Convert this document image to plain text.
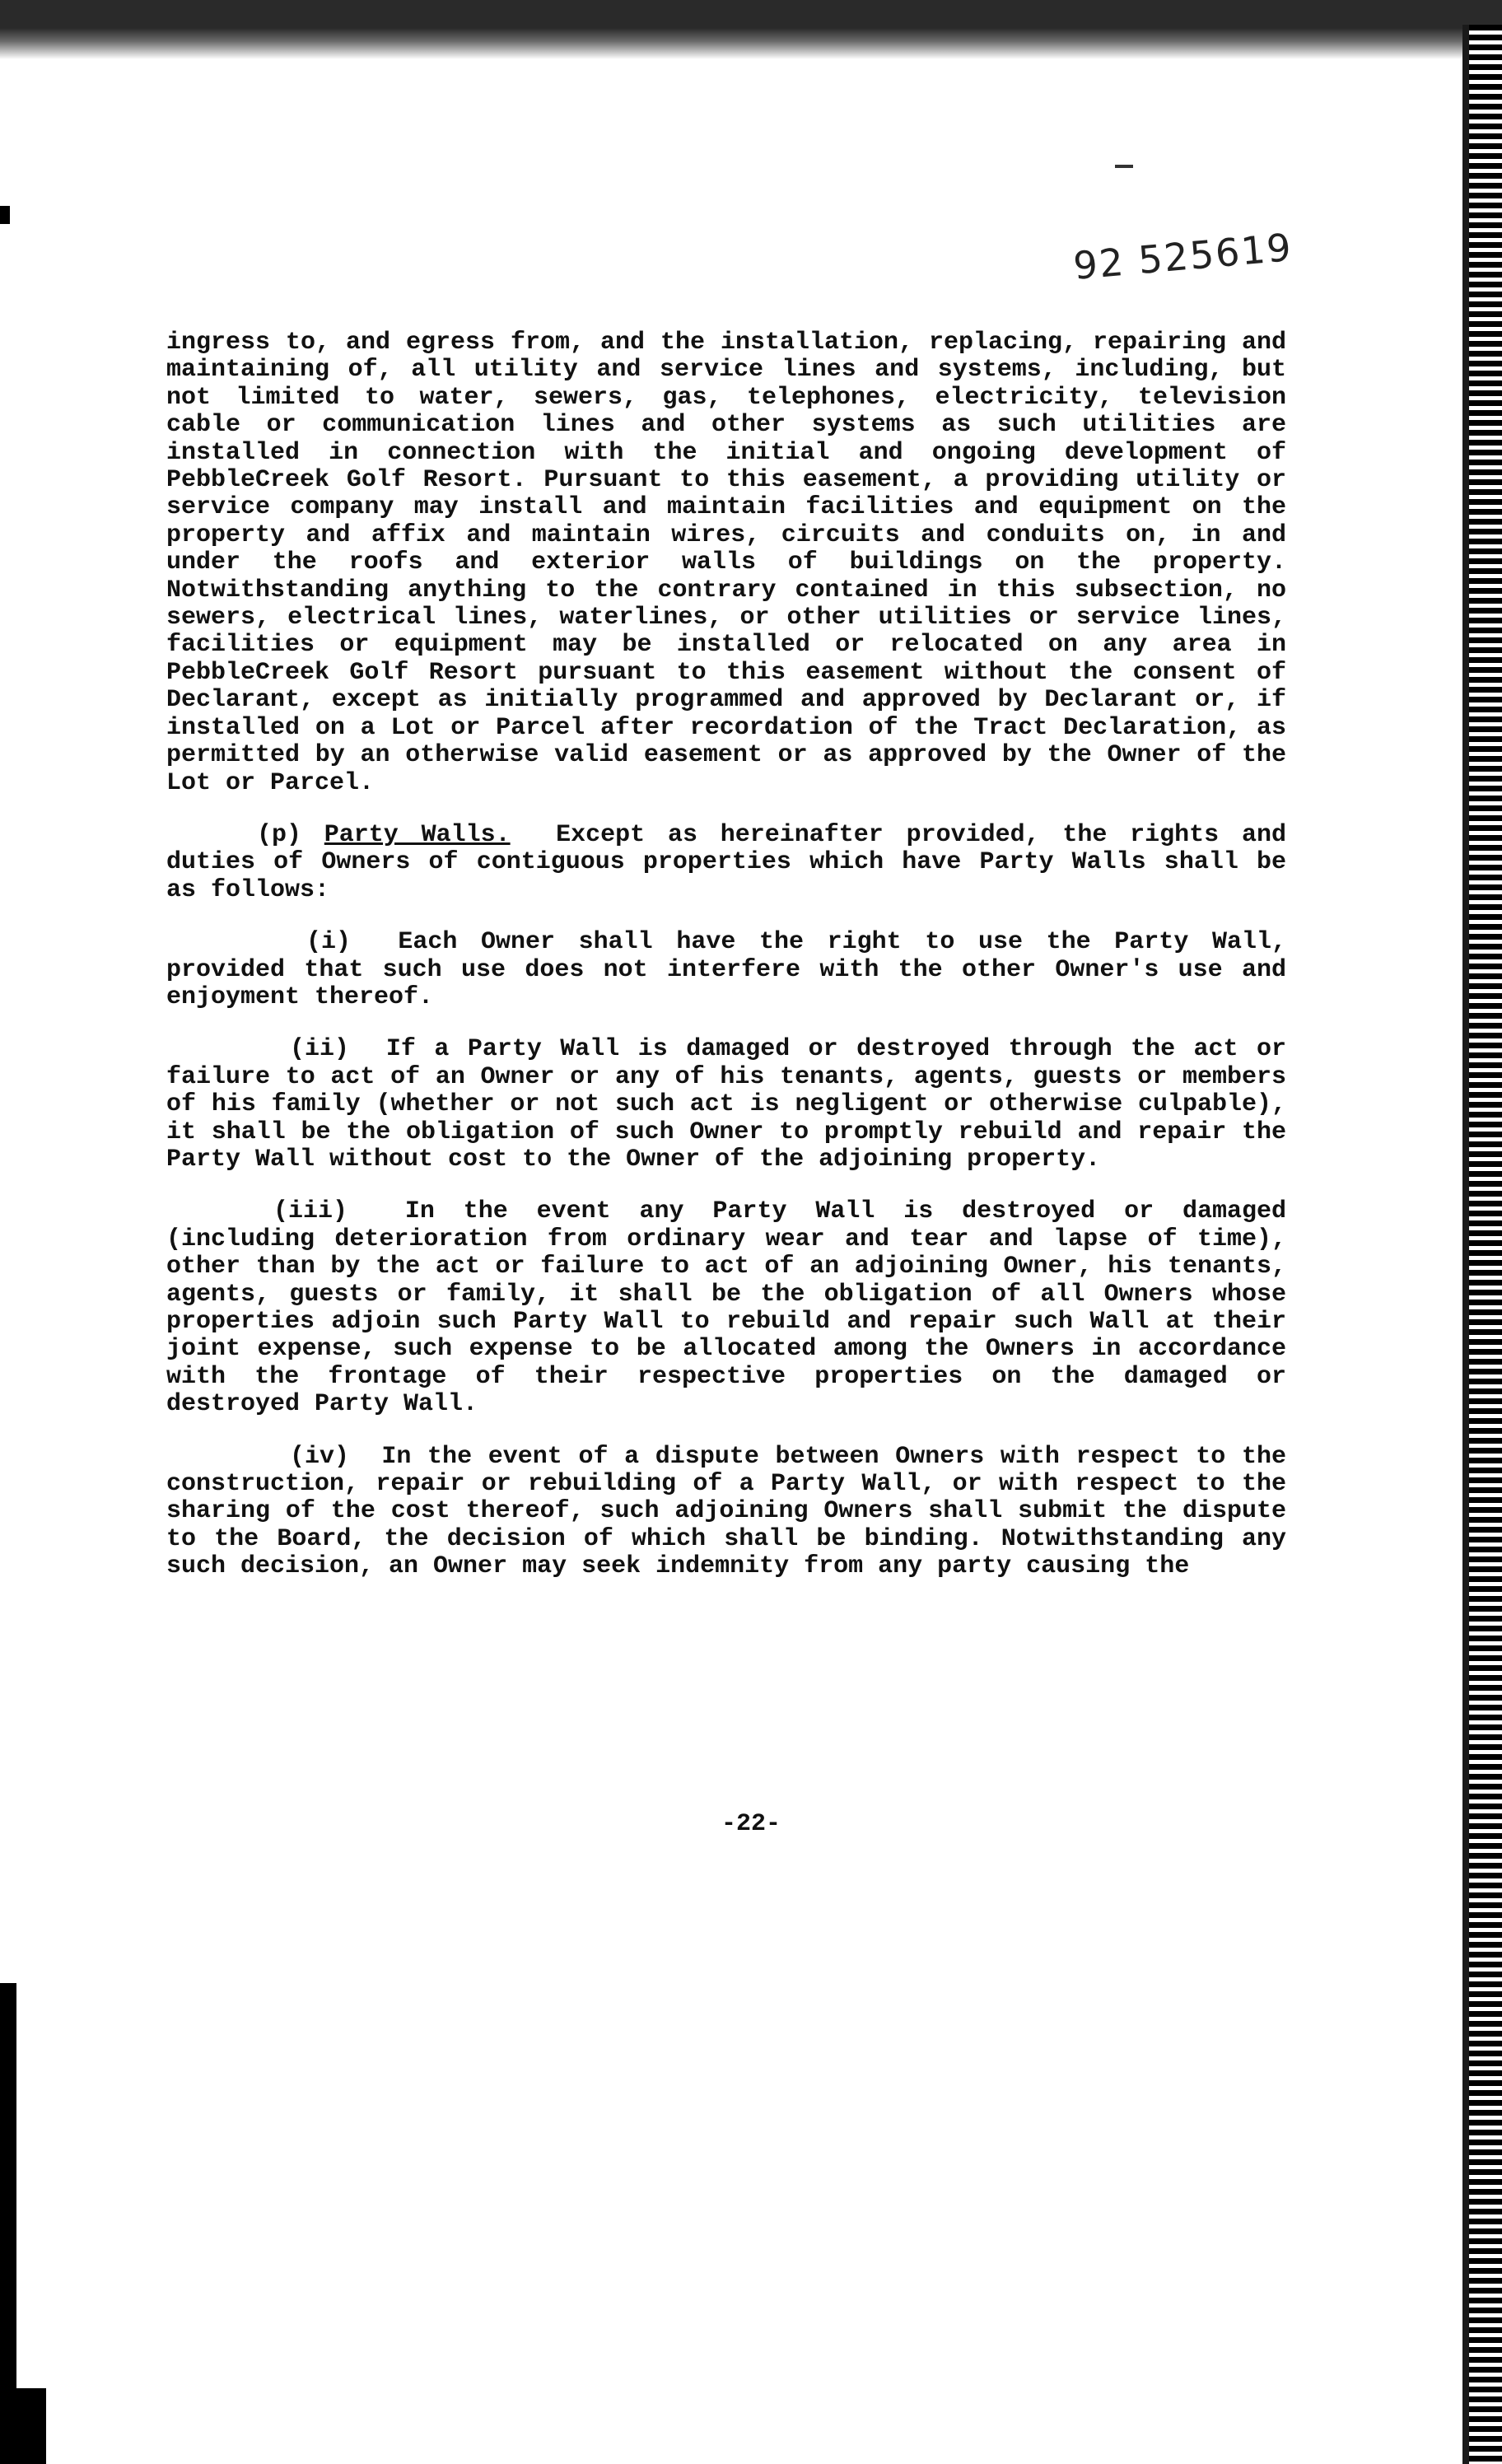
92 525619

ingress to, and egress from, and the installation, replacing, repairing and maintaining of, all utility and service lines and systems, including, but not limited to water, sewers, gas, telephones, electricity, television cable or communication lines and other systems as such utilities are installed in connection with the initial and ongoing development of PebbleCreek Golf Resort. Pursuant to this easement, a providing utility or service company may install and maintain facilities and equipment on the property and affix and maintain wires, circuits and conduits on, in and under the roofs and exterior walls of buildings on the property. Notwithstanding anything to the contrary contained in this subsection, no sewers, electrical lines, waterlines, or other utilities or service lines, facilities or equipment may be installed or relocated on any area in PebbleCreek Golf Resort pursuant to this easement without the consent of Declarant, except as initially programmed and approved by Declarant or, if installed on a Lot or Parcel after recordation of the Tract Declaration, as permitted by an otherwise valid easement or as approved by the Owner of the Lot or Parcel.

(p) Party Walls. Except as hereinafter provided, the rights and duties of Owners of contiguous properties which have Party Walls shall be as follows:

(i) Each Owner shall have the right to use the Party Wall, provided that such use does not interfere with the other Owner's use and enjoyment thereof.

(ii) If a Party Wall is damaged or destroyed through the act or failure to act of an Owner or any of his tenants, agents, guests or members of his family (whether or not such act is negligent or otherwise culpable), it shall be the obligation of such Owner to promptly rebuild and repair the Party Wall without cost to the Owner of the adjoining property.

(iii) In the event any Party Wall is destroyed or damaged (including deterioration from ordinary wear and tear and lapse of time), other than by the act or failure to act of an adjoining Owner, his tenants, agents, guests or family, it shall be the obligation of all Owners whose properties adjoin such Party Wall to rebuild and repair such Wall at their joint expense, such expense to be allocated among the Owners in accordance with the frontage of their respective properties on the damaged or destroyed Party Wall.

(iv) In the event of a dispute between Owners with respect to the construction, repair or rebuilding of a Party Wall, or with respect to the sharing of the cost thereof, such adjoining Owners shall submit the dispute to the Board, the decision of which shall be binding. Notwithstanding any such decision, an Owner may seek indemnity from any party causing the

-22-
